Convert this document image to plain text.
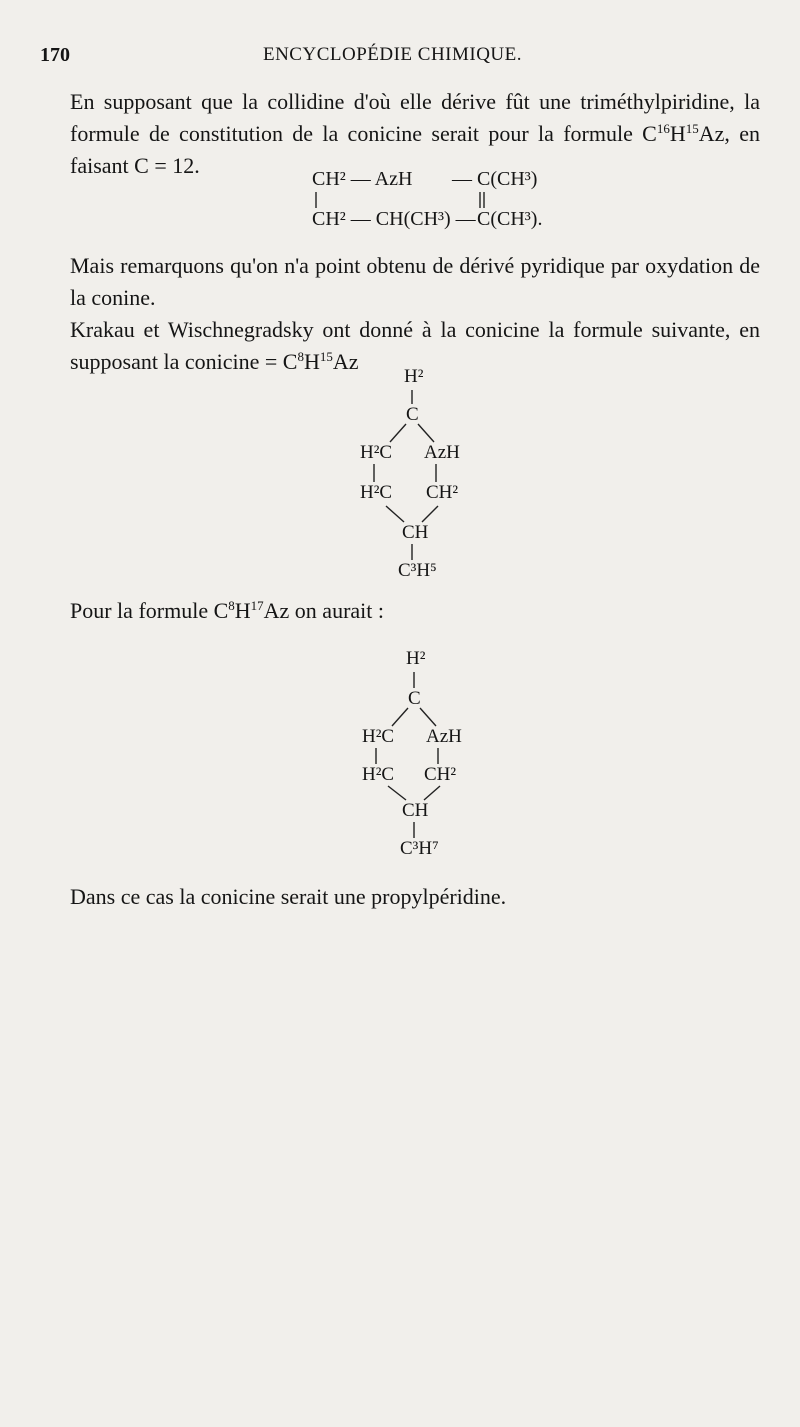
170	ENCYCLOPÉDIE CHIMIQUE.

En supposant que la collidine d'où elle dérive fût une triméthylpiridine, la formule de constitution de la conicine serait pour la formule $C^{16}H^{15}Az$, en faisant C = 12.

CH² — AzH — C(CH³)
CH² — CH(CH³) — C(CH³).

Mais remarquons qu'on n'a point obtenu de dérivé pyridique par oxydation de la conine.

Krakau et Wischnegradsky ont donné à la conicine la formule suivante, en supposant la conicine = $C^8H^{15}Az$

H²
C
H²C AzH
H²C CH²
CH
C³H⁵
Pour la formule $C^8H^{17}Az$ on aurait :
H²
C
H²C AzH
H²C CH²
CH
C³H⁷
Dans ce cas la conicine serait une propylpéridine.
